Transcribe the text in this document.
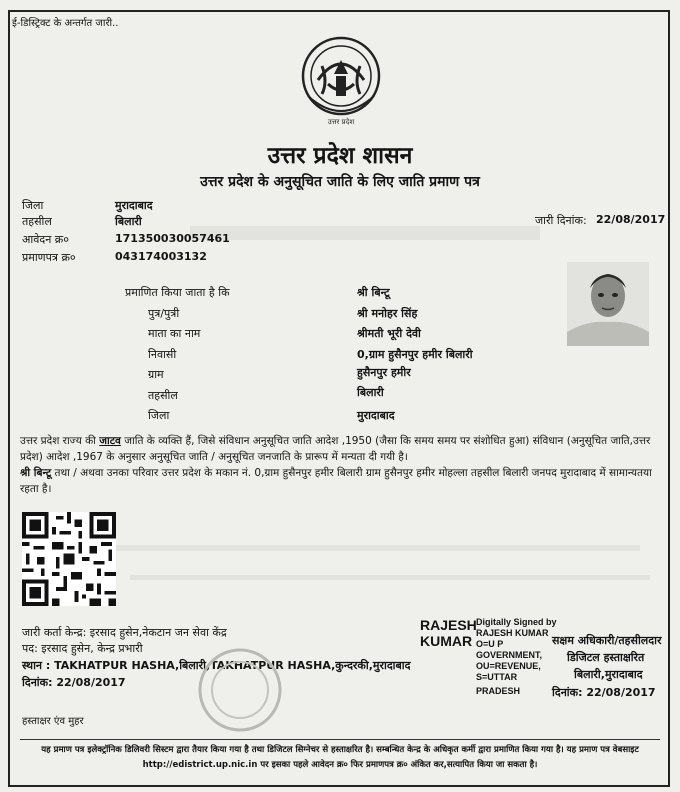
ई-डिस्ट्रिक्ट के अन्तर्गत जारी..
उत्तर प्रदेश
उत्तर प्रदेश शासन
उत्तर प्रदेश के अनुसूचित जाति के लिए जाति प्रमाण पत्र
जिला	मुरादाबाद
तहसील	बिलारी
आवेदन क्र०	171350030057461
प्रमाणपत्र क्र०	043174003132
जारी दिनांक: 22/08/2017
प्रमाणित किया जाता है कि	श्री बिन्टू
पुत्र/पुत्री	श्री मनोहर सिंह
माता का नाम	श्रीमती भूरी देवी
निवासी	0,ग्राम हुसैनपुर हमीर बिलारी
ग्राम	हुसैनपुर हमीर
तहसील	बिलारी
जिला	मुरादाबाद
उत्तर प्रदेश राज्य की जाटव जाति के व्यक्ति हैं, जिसे संविधान अनुसूचित जाति आदेश ,1950 (जैसा कि समय समय पर संशोधित हुआ) संविधान (अनुसूचित जाति,उत्तर प्रदेश) आदेश ,1967 के अनुसार अनुसूचित जाति / अनुसूचित जनजाति के प्रारूप में मन्यता दी गयी है।
श्री बिन्टू तथा / अथवा उनका परिवार उत्तर प्रदेश के मकान नं. 0,ग्राम हुसैनपुर हमीर बिलारी ग्राम हुसैनपुर हमीर मोहल्ला तहसील बिलारी जनपद मुरादाबाद में सामान्यतया रहता है।
जारी कर्ता केन्द्र: इरसाद हुसेन,नेकटान जन सेवा केंद्र
पद: इरसाद हुसेन, केन्द्र प्रभारी
स्थान : TAKHATPUR HASHA,बिलारी,TAKHATPUR HASHA,कुन्दरकी,मुरादाबाद
दिनांक: 22/08/2017
हस्ताक्षर एंव मुहर
RAJESH
KUMAR
Digitally Signed by
RAJESH KUMAR
O=U P
GOVERNMENT,
OU=REVENUE,
S=UTTAR
PRADESH
सक्षम अधिकारी/तहसीलदार
डिजिटल हस्ताक्षरित
बिलारी,मुरादाबाद
दिनांक: 22/08/2017
यह प्रमाण पत्र इलेक्ट्रॉनिक डिलिवरी सिस्टम द्वारा तैयार किया गया है तथा डिजिटल सिग्नेचर से हस्ताक्षरित है। सम्बन्धित केन्द्र के अधिकृत कर्मी द्वारा प्रमाणित किया गया है। यह प्रमाण पत्र वेबसाइट
http://edistrict.up.nic.in पर इसका पहले आवेदन क्र० फिर प्रमाणपत्र क्र० अंकित कर,सत्यापित किया जा सकता है।
